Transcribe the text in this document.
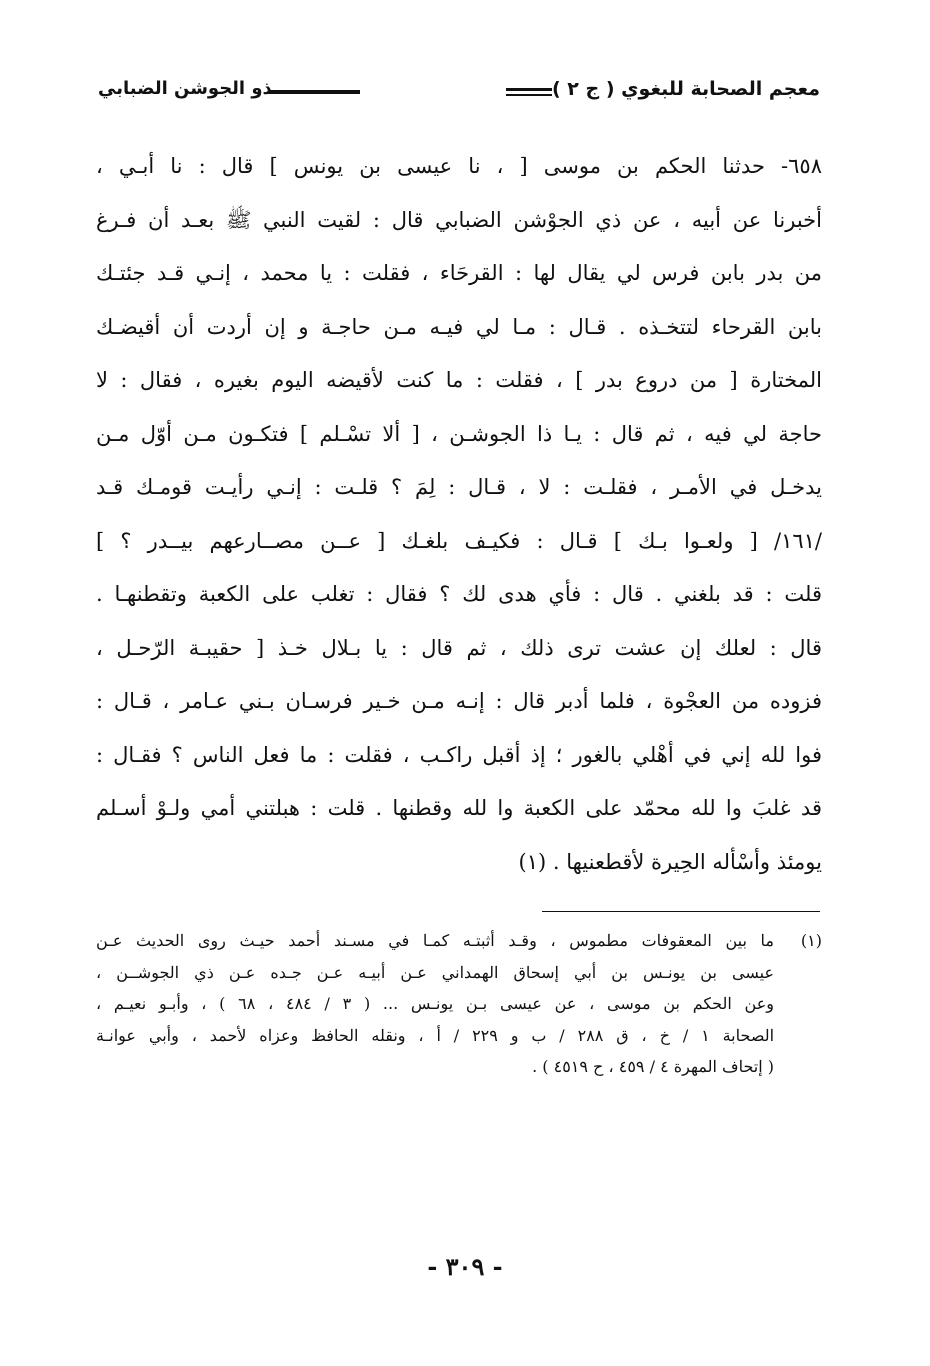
معجم الصحابة للبغوي ( ج ٢ )
ذو الجوشن الضبابي
٦٥٨- حدثنا الحكم بن موسى [ ، نا عيسى بن يونس ] قال : نا أبـي ،
أخبرنا عن أبيه ، عن ذي الجوْشن الضبابي قال : لقيت النبي ﷺ بعـد أن فـرغ
من بدر بابن فرس لي يقال لها : القرحَاء ، فقلت : يا محمد ، إنـي قـد جئتـك
بابن القرحاء لتتخـذه . قـال : مـا لي فيـه مـن حاجـة و إن أردت أن أقيضـك
المختارة [ من دروع بدر ] ، فقلت : ما كنت لأقيضه اليوم بغيره ، فقال : لا
حاجة لي فيه ، ثم قال : يـا ذا الجوشـن ، [ ألا تسْـلم ] فتكـون مـن أوّل مـن
يدخـل في الأمـر ، فقلـت : لا ، قـال : لِمَ ؟ قلـت : إنـي رأيـت قومـك قـد
/١٦١/ [ ولعـوا بـك ] قـال : فكيـف بلغـك [ عــن مصــارعهم بيــدر ؟ ]
قلت : قد بلغني . قال : فأي هدى لك ؟ فقال : تغلب على الكعبة وتقطنهـا .
قال : لعلك إن عشت ترى ذلك ، ثم قال : يا بـلال خـذ [ حقيبـة الرّحـل ،
فزوده من العجْوة ، فلما أدبر قال : إنـه مـن خـير فرسـان بـني عـامر ، قـال :
فوا لله إني في أهْلي بالغور ؛ إذ أقبل راكـب ، فقلت : ما فعل الناس ؟ فقـال :
قد غلبَ وا لله محمّد على الكعبة وا لله وقطنها . قلت : هبلتني أمي ولـوْ أسـلم
يومئذ وأسْأله الحِيرة لأقطعنيها . (١)
(١)
ما بين المعقوفات مطموس ، وقـد أثبتـه كمـا في مسـند أحمد حيـث روى الحديث عـن
عيسى بن يونـس بن أبي إسحاق الهمداني عـن أبيـه عـن جـده عـن ذي الجوشــن ،
وعن الحكم بن موسى ، عن عيسى بـن يونـس ... ( ٣ / ٤٨٤ ، ٦٨ ) ، وأبـو نعيـم ،
الصحابة ١ / خ ، ق ٢٨٨ / ب و ٢٢٩ / أ ، ونقله الحافظ وعزاه لأحمد ، وأبي عوانـة
( إتحاف المهرة ٤ / ٤٥٩ ، ح ٤٥١٩ ) .
- ٣٠٩ -
